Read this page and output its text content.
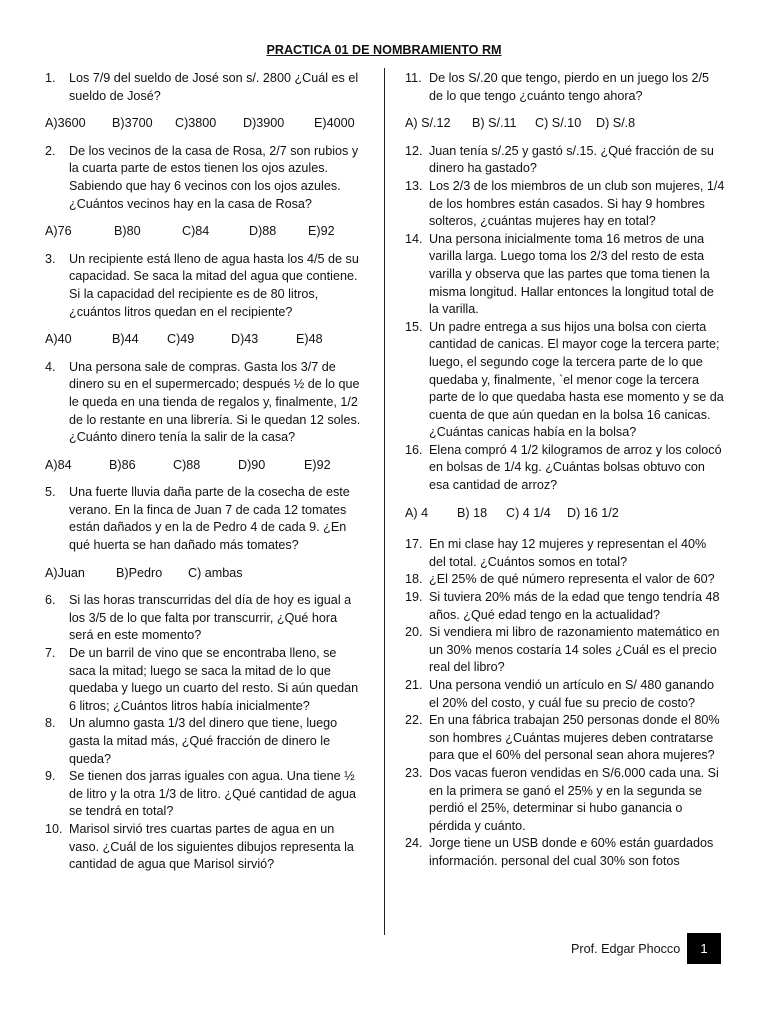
PRACTICA 01 DE NOMBRAMIENTO RM
1. Los 7/9 del sueldo de José son s/. 2800 ¿Cuál es el sueldo de José?
A)3600	B)3700	C)3800	D)3900	E)4000
2. De los vecinos de la casa de Rosa, 2/7 son rubios y la cuarta parte de estos tienen los ojos azules. Sabiendo que hay 6 vecinos con los ojos azules. ¿Cuántos vecinos hay en la casa de Rosa?
A)76	B)80	C)84	D)88	E)92
3. Un recipiente está lleno de agua hasta los 4/5 de su capacidad. Se saca la mitad del agua que contiene. Si la capacidad del recipiente es de 80 litros, ¿cuántos litros quedan en el recipiente?
A)40	B)44	C)49	D)43	E)48
4. Una persona sale de compras. Gasta los 3/7 de dinero su en el supermercado; después ½ de lo que le queda en una tienda de regalos y, finalmente, 1/2 de lo restante en una librería. Si le quedan 12 soles. ¿Cuánto dinero tenía la salir de la casa?
A)84	B)86	C)88	D)90	E)92
5. Una fuerte lluvia daña parte de la cosecha de este verano. En la finca de Juan 7 de cada 12 tomates están dañados y en la de Pedro 4 de cada 9. ¿En qué huerta se han dañado más tomates?
A)Juan	B)Pedro	C) ambas
6. Si las horas transcurridas del día de hoy es igual a los 3/5 de lo que falta por transcurrir, ¿Qué hora será en este momento?
7. De un barril de vino que se encontraba lleno, se saca la mitad; luego se saca la mitad de lo que quedaba y luego un cuarto del resto. Si aún quedan 6 litros; ¿Cuántos litros había inicialmente?
8. Un alumno gasta 1/3 del dinero que tiene, luego gasta la mitad más, ¿Qué fracción de dinero le queda?
9. Se tienen dos jarras iguales con agua. Una tiene ½ de litro y la otra 1/3 de litro. ¿Qué cantidad de agua se tendrá en total?
10. Marisol sirvió tres cuartas partes de agua en un vaso. ¿Cuál de los siguientes dibujos representa la cantidad de agua que Marisol sirvió?
11. De los S/.20 que tengo, pierdo en un juego los 2/5 de lo que tengo ¿cuánto tengo ahora?
A) S/.12	B) S/.11	C) S/.10	D) S/.8
12. Juan tenía s/.25 y gastó s/.15. ¿Qué fracción de su dinero ha gastado?
13. Los 2/3 de los miembros de un club son mujeres, 1/4 de los hombres están casados. Si hay 9 hombres solteros, ¿cuántas mujeres hay en total?
14. Una persona inicialmente toma 16 metros de una varilla larga. Luego toma los 2/3 del resto de esta varilla y observa que las partes que toma tienen la misma longitud. Hallar entonces la longitud total de la varilla.
15. Un padre entrega a sus hijos una bolsa con cierta cantidad de canicas. El mayor coge la tercera parte; luego, el segundo coge la tercera parte de lo que quedaba y, finalmente, `el menor coge la tercera parte de lo que quedaba hasta ese momento y se da cuenta de que aún quedan en la bolsa 16 canicas. ¿Cuántas canicas había en la bolsa?
16. Elena compró 4 1/2 kilogramos de arroz y los colocó en bolsas de 1/4 kg. ¿Cuántas bolsas obtuvo con esa cantidad de arroz?
A) 4	B) 18	C) 4 1/4	D) 16 1/2
17. En mi clase hay 12 mujeres y representan el 40% del total. ¿Cuántos somos en total?
18. ¿El 25% de qué número representa el valor de 60?
19. Si tuviera 20% más de la edad que tengo tendría 48 años. ¿Qué edad tengo en la actualidad?
20. Si vendiera mi libro de razonamiento matemático en un 30% menos costaría 14 soles ¿Cuál es el precio real del libro?
21. Una persona vendió un artículo en S/ 480 ganando el 20% del costo, y cuál fue su precio de costo?
22. En una fábrica trabajan 250 personas donde el 80% son hombres ¿Cuántas mujeres deben contratarse para que el 60% del personal sean ahora mujeres?
23. Dos vacas fueron vendidas en S/6.000 cada una. Si en la primera se ganó el 25% y en la segunda se perdió el 25%, determinar si hubo ganancia o pérdida y cuánto.
24. Jorge tiene un USB donde e 60% están guardados información. personal del cual 30% son fotos
Prof. Edgar Phocco	1
